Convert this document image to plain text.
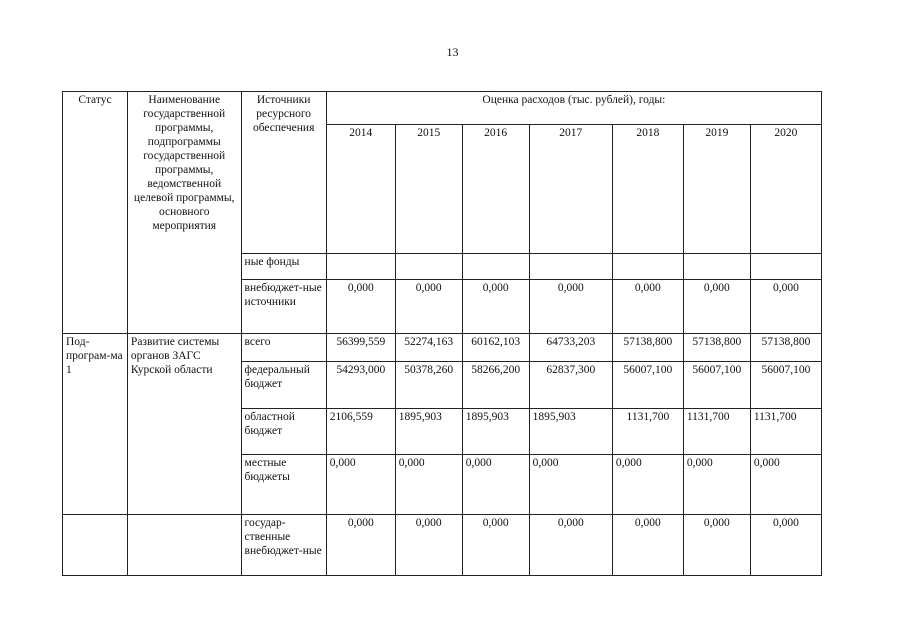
13
Статус	Наименование государственной программы, подпрограммы государственной программы, ведомственной целевой программы, основного мероприятия	Источники ресурсного обеспечения	Оценка расходов (тыс. рублей), годы:						
			2014	2015	2016	2017	2018	2019	2020
		ные фонды							
		внебюджет-ные источники	0,000	0,000	0,000	0,000	0,000	0,000	0,000
Под-програм-ма 1	Развитие системы органов ЗАГС Курской области	всего	56399,559	52274,163	60162,103	64733,203	57138,800	57138,800	57138,800
		федеральный бюджет	54293,000	50378,260	58266,200	62837,300	56007,100	56007,100	56007,100
		областной бюджет	2106,559	1895,903	1895,903	1895,903	1131,700	1131,700	1131,700
		местные бюджеты	0,000	0,000	0,000	0,000	0,000	0,000	0,000
		государ-ственные внебюджет-ные	0,000	0,000	0,000	0,000	0,000	0,000	0,000
